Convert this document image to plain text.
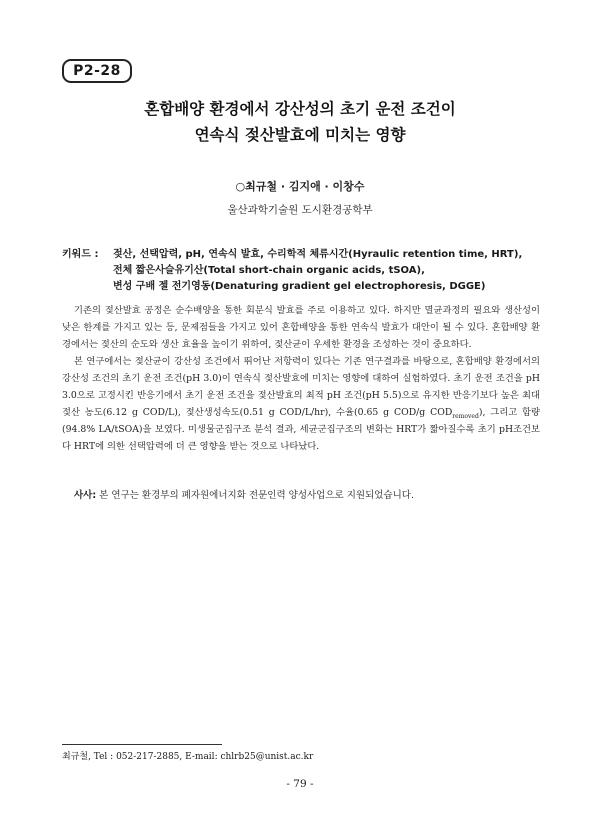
P2-28
혼합배양 환경에서 강산성의 초기 운전 조건이
연속식 젖산발효에 미치는 영향
○최규철 · 김지애 · 이창수
울산과학기술원 도시환경공학부
키워드 : 젖산, 선택압력, pH, 연속식 발효, 수리학적 체류시간(Hyraulic retention time, HRT),
전체 짧은사슬유기산(Total short-chain organic acids, tSOA),
변성 구배 젤 전기영동(Denaturing gradient gel electrophoresis, DGGE)

기존의 젖산발효 공정은 순수배양을 통한 회분식 발효를 주로 이용하고 있다. 하지만 멸균과정의 필요와 생산성이 낮은 한계를 가지고 있는 등, 문제점들을 가지고 있어 혼합배양을 통한 연속식 발효가 대안이 될 수 있다. 혼합배양 환경에서는 젖산의 순도와 생산 효율을 높이기 위하여, 젖산균이 우세한 환경을 조성하는 것이 중요하다.

본 연구에서는 젖산균이 강산성 조건에서 뛰어난 저항력이 있다는 기존 연구결과를 바탕으로, 혼합배양 환경에서의 강산성 조건의 초기 운전 조건(pH 3.0)이 연속식 젖산발효에 미치는 영향에 대하여 실험하였다. 초기 운전 조건을 pH 3.0으로 고정시킨 반응기에서 초기 운전 조건을 젖산발효의 최적 pH 조건(pH 5.5)으로 유지한 반응기보다 높은 최대 젖산 농도(6.12 g COD/L), 젖산생성속도(0.51 g COD/L/hr), 수율(0.65 g COD/g $COD_{removed}$), 그리고 함량(94.8% LA/tSOA)을 보였다. 미생물군집구조 분석 결과, 세균군집구조의 변화는 HRT가 짧아질수록 초기 pH조건보다 HRT에 의한 선택압력에 더 큰 영향을 받는 것으로 나타났다.

사사: 본 연구는 환경부의 폐자원에너지화 전문인력 양성사업으로 지원되었습니다.
최규철, Tel : 052-217-2885, E-mail: chlrb25@unist.ac.kr
- 79 -
